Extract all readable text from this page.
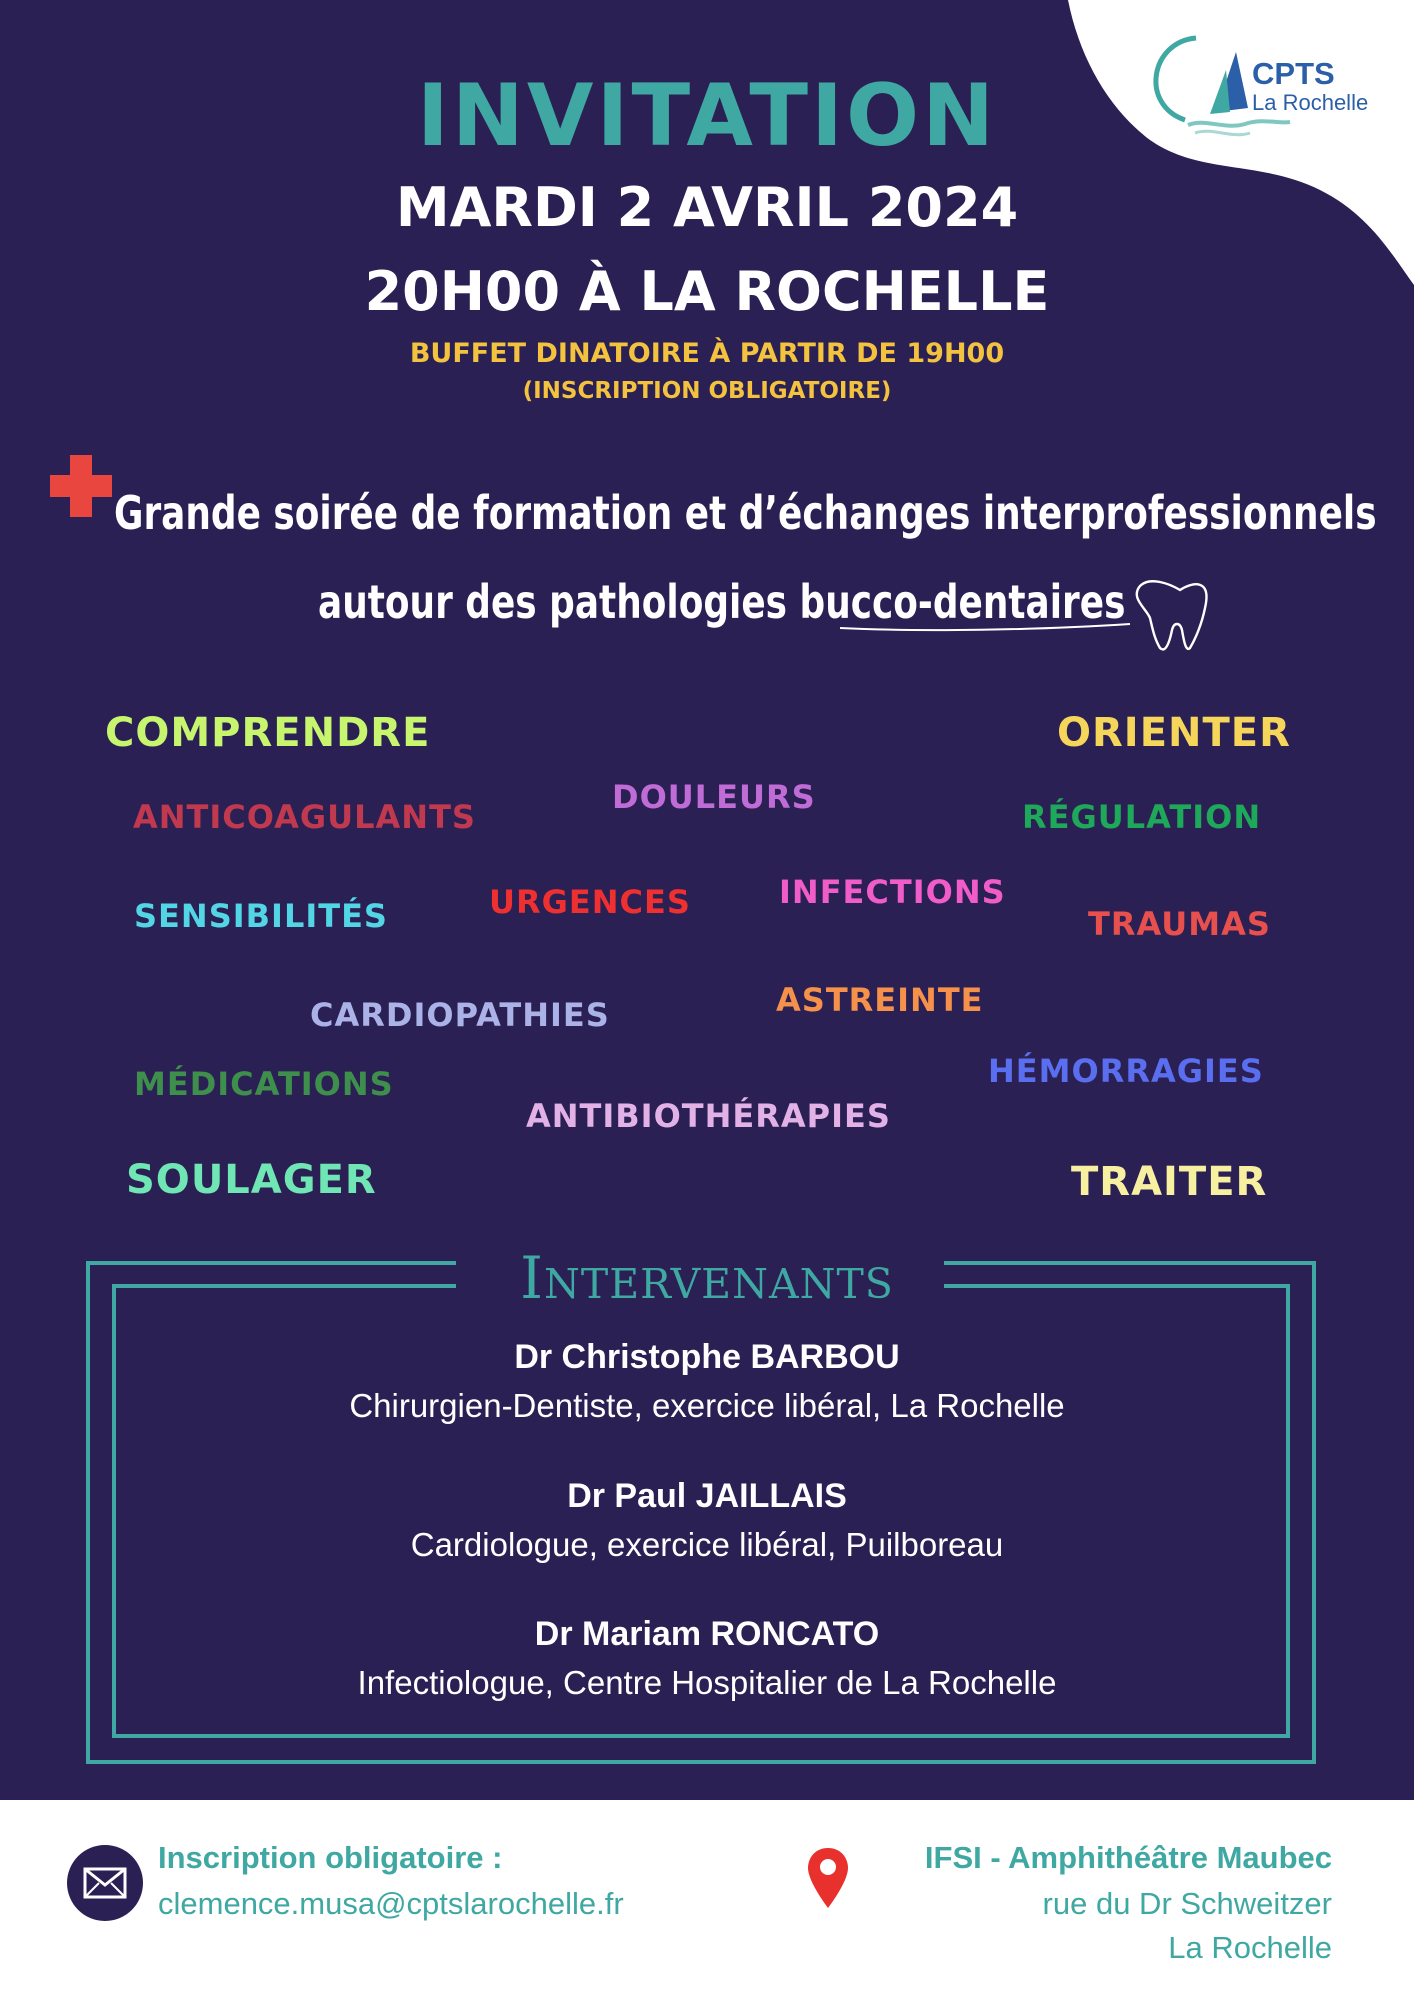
CPTS
La Rochelle
INVITATION
MARDI 2 AVRIL 2024
20H00 À LA ROCHELLE
BUFFET DINATOIRE À PARTIR DE 19H00
(INSCRIPTION OBLIGATOIRE)
Grande soirée de formation et d’échanges interprofessionnels
autour des pathologies bucco-dentaires
COMPRENDRE	ORIENTER
ANTICOAGULANTS
DOULEURS
RÉGULATION
SENSIBILITÉS	URGENCES	INFECTIONS
TRAUMAS
CARDIOPATHIES	ASTREINTE
MÉDICATIONS	HÉMORRAGIES
ANTIBIOTHÉRAPIES
SOULAGER	TRAITER
Intervenants
Dr Christophe BARBOU
Chirurgien-Dentiste, exercice libéral, La Rochelle
Dr Paul JAILLAIS
Cardiologue, exercice libéral, Puilboreau
Dr Mariam RONCATO
Infectiologue, Centre Hospitalier de La Rochelle
Inscription obligatoire :
clemence.musa@cptslarochelle.fr
IFSI - Amphithéâtre Maubec
rue du Dr Schweitzer
La Rochelle
